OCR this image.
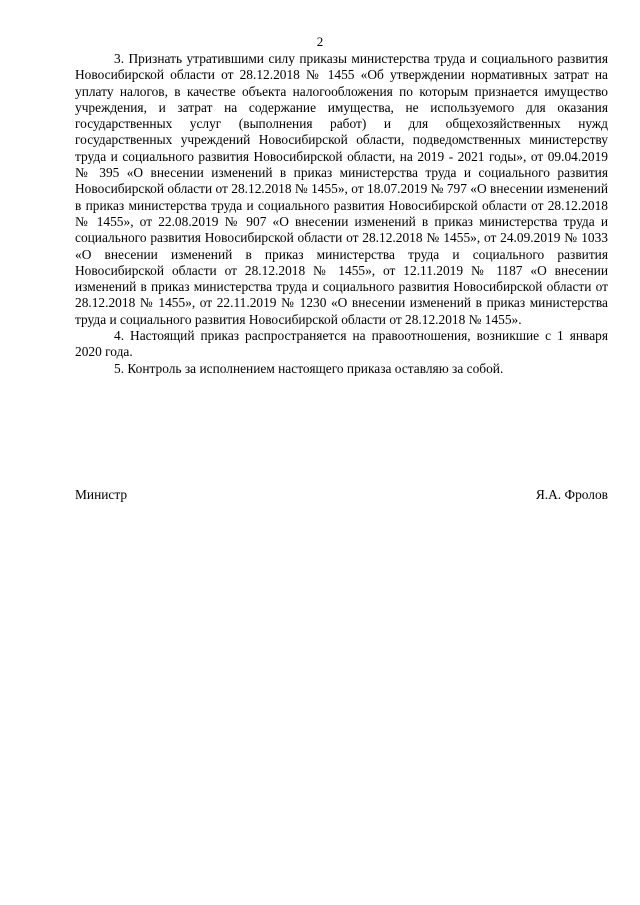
2

3. Признать утратившими силу приказы министерства труда и социального развития Новосибирской области от 28.12.2018 № 1455 «Об утверждении нормативных затрат на уплату налогов, в качестве объекта налогообложения по которым признается имущество учреждения, и затрат на содержание имущества, не используемого для оказания государственных услуг (выполнения работ) и для общехозяйственных нужд государственных учреждений Новосибирской области, подведомственных министерству труда и социального развития Новосибирской области, на 2019 - 2021 годы», от 09.04.2019 № 395 «О внесении изменений в приказ министерства труда и социального развития Новосибирской области от 28.12.2018 № 1455», от 18.07.2019 № 797 «О внесении изменений в приказ министерства труда и социального развития Новосибирской области от 28.12.2018 № 1455», от 22.08.2019 № 907 «О внесении изменений в приказ министерства труда и социального развития Новосибирской области от 28.12.2018 № 1455», от 24.09.2019 № 1033 «О внесении изменений в приказ министерства труда и социального развития Новосибирской области от 28.12.2018 № 1455», от 12.11.2019 № 1187 «О внесении изменений в приказ министерства труда и социального развития Новосибирской области от 28.12.2018 № 1455», от 22.11.2019 № 1230 «О внесении изменений в приказ министерства труда и социального развития Новосибирской области от 28.12.2018 № 1455».

4. Настоящий приказ распространяется на правоотношения, возникшие с 1 января 2020 года.

5. Контроль за исполнением настоящего приказа оставляю за собой.

Министр	Я.А. Фролов
